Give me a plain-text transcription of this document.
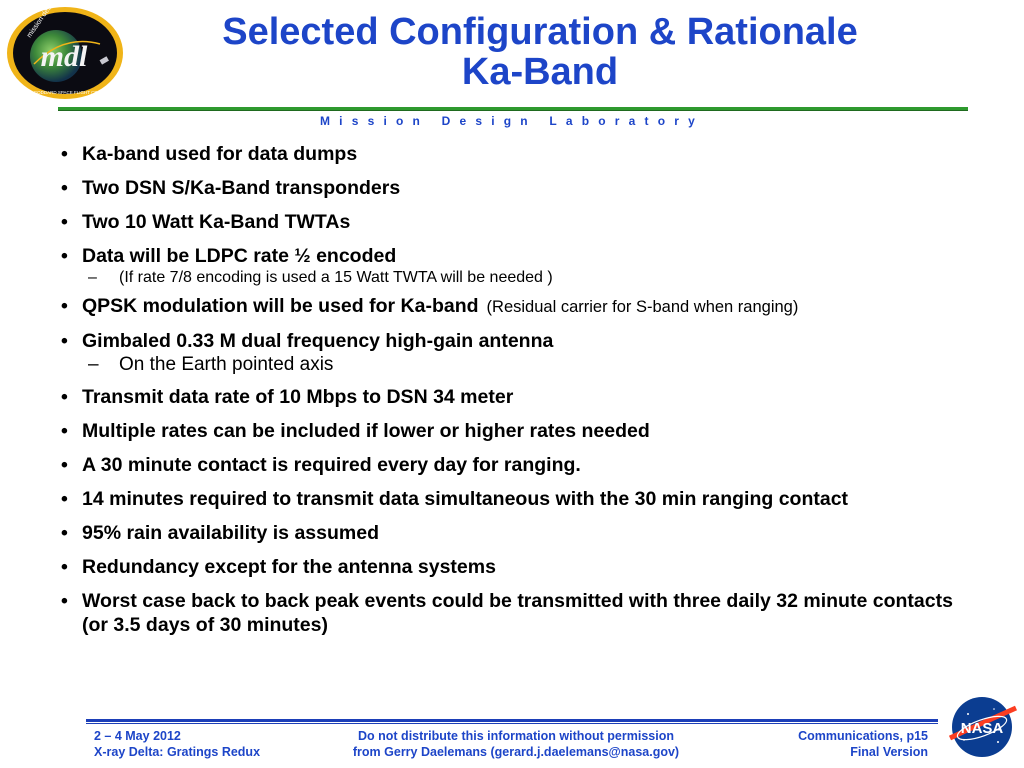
mdl
NASA GODDARD SPACE FLIGHT CENTER
Selected Configuration & Rationale
Ka-Band
Mission Design Laboratory
• Ka-band used for data dumps
• Two DSN S/Ka-Band transponders
• Two 10 Watt Ka-Band TWTAs
• Data will be LDPC rate ½ encoded
– (If rate 7/8 encoding is used a 15 Watt TWTA will be needed )
• QPSK modulation will be used for Ka-band (Residual carrier for S-band when ranging)
• Gimbaled 0.33 M dual frequency high-gain antenna
– On the Earth pointed axis
• Transmit data rate of 10 Mbps to DSN 34 meter
• Multiple rates can be included if lower or higher rates needed
• A 30 minute contact is required every day for ranging.
• 14 minutes required to transmit data simultaneous with the 30 min ranging contact
• 95% rain availability is assumed
• Redundancy except for the antenna systems
• Worst case back to back peak events could be transmitted with three daily 32 minute contacts (or 3.5 days of 30 minutes)
2 – 4 May 2012
X-ray Delta: Gratings Redux
Do not distribute this information without permission
from Gerry Daelemans (gerard.j.daelemans@nasa.gov)
Communications, p15
Final Version
NASA
